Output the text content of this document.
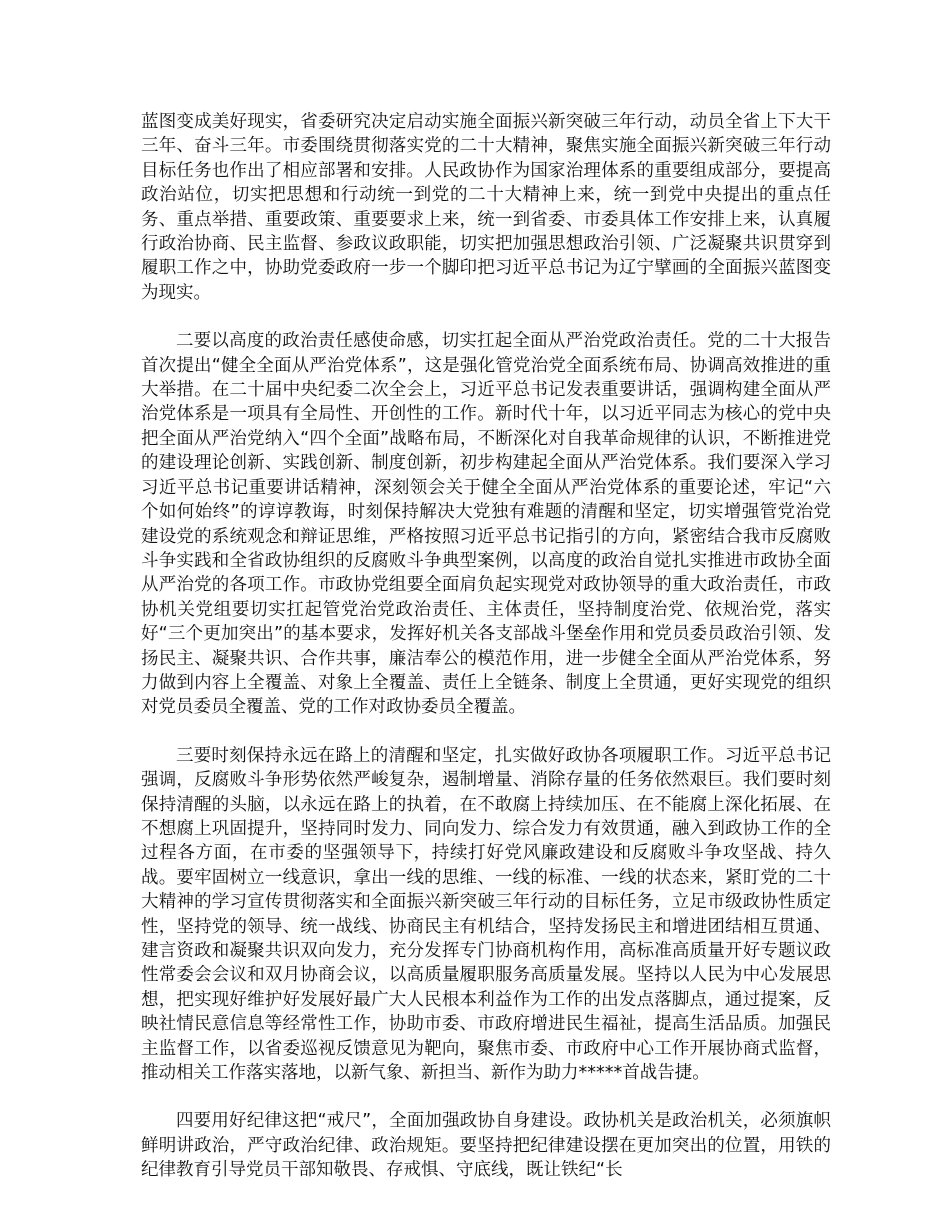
蓝图变成美好现实，省委研究决定启动实施全面振兴新突破三年行动，动员全省上下大干三年、奋斗三年。市委围绕贯彻落实党的二十大精神，聚焦实施全面振兴新突破三年行动目标任务也作出了相应部署和安排。人民政协作为国家治理体系的重要组成部分，要提高政治站位，切实把思想和行动统一到党的二十大精神上来，统一到党中央提出的重点任务、重点举措、重要政策、重要要求上来，统一到省委、市委具体工作安排上来，认真履行政治协商、民主监督、参政议政职能，切实把加强思想政治引领、广泛凝聚共识贯穿到履职工作之中，协助党委政府一步一个脚印把习近平总书记为辽宁擘画的全面振兴蓝图变为现实。

二要以高度的政治责任感使命感，切实扛起全面从严治党政治责任。党的二十大报告首次提出“健全全面从严治党体系”，这是强化管党治党全面系统布局、协调高效推进的重大举措。在二十届中央纪委二次全会上，习近平总书记发表重要讲话，强调构建全面从严治党体系是一项具有全局性、开创性的工作。新时代十年，以习近平同志为核心的党中央把全面从严治党纳入“四个全面”战略布局，不断深化对自我革命规律的认识，不断推进党的建设理论创新、实践创新、制度创新，初步构建起全面从严治党体系。我们要深入学习习近平总书记重要讲话精神，深刻领会关于健全全面从严治党体系的重要论述，牢记“六个如何始终”的谆谆教诲，时刻保持解决大党独有难题的清醒和坚定，切实增强管党治党建设党的系统观念和辩证思维，严格按照习近平总书记指引的方向，紧密结合我市反腐败斗争实践和全省政协组织的反腐败斗争典型案例，以高度的政治自觉扎实推进市政协全面从严治党的各项工作。市政协党组要全面肩负起实现党对政协领导的重大政治责任，市政协机关党组要切实扛起管党治党政治责任、主体责任，坚持制度治党、依规治党，落实好“三个更加突出”的基本要求，发挥好机关各支部战斗堡垒作用和党员委员政治引领、发扬民主、凝聚共识、合作共事，廉洁奉公的模范作用，进一步健全全面从严治党体系，努力做到内容上全覆盖、对象上全覆盖、责任上全链条、制度上全贯通，更好实现党的组织对党员委员全覆盖、党的工作对政协委员全覆盖。

三要时刻保持永远在路上的清醒和坚定，扎实做好政协各项履职工作。习近平总书记强调，反腐败斗争形势依然严峻复杂，遏制增量、消除存量的任务依然艰巨。我们要时刻保持清醒的头脑，以永远在路上的执着，在不敢腐上持续加压、在不能腐上深化拓展、在不想腐上巩固提升，坚持同时发力、同向发力、综合发力有效贯通，融入到政协工作的全过程各方面，在市委的坚强领导下，持续打好党风廉政建设和反腐败斗争攻坚战、持久战。要牢固树立一线意识，拿出一线的思维、一线的标准、一线的状态来，紧盯党的二十大精神的学习宣传贯彻落实和全面振兴新突破三年行动的目标任务，立足市级政协性质定性，坚持党的领导、统一战线、协商民主有机结合，坚持发扬民主和增进团结相互贯通、建言资政和凝聚共识双向发力，充分发挥专门协商机构作用，高标准高质量开好专题议政性常委会会议和双月协商会议，以高质量履职服务高质量发展。坚持以人民为中心发展思想，把实现好维护好发展好最广大人民根本利益作为工作的出发点落脚点，通过提案，反映社情民意信息等经常性工作，协助市委、市政府增进民生福祉，提高生活品质。加强民主监督工作，以省委巡视反馈意见为靶向，聚焦市委、市政府中心工作开展协商式监督，推动相关工作落实落地，以新气象、新担当、新作为助力*****首战告捷。

四要用好纪律这把“戒尺”，全面加强政协自身建设。政协机关是政治机关，必须旗帜鲜明讲政治，严守政治纪律、政治规矩。要坚持把纪律建设摆在更加突出的位置，用铁的纪律教育引导党员干部知敬畏、存戒惧、守底线，既让铁纪“长
